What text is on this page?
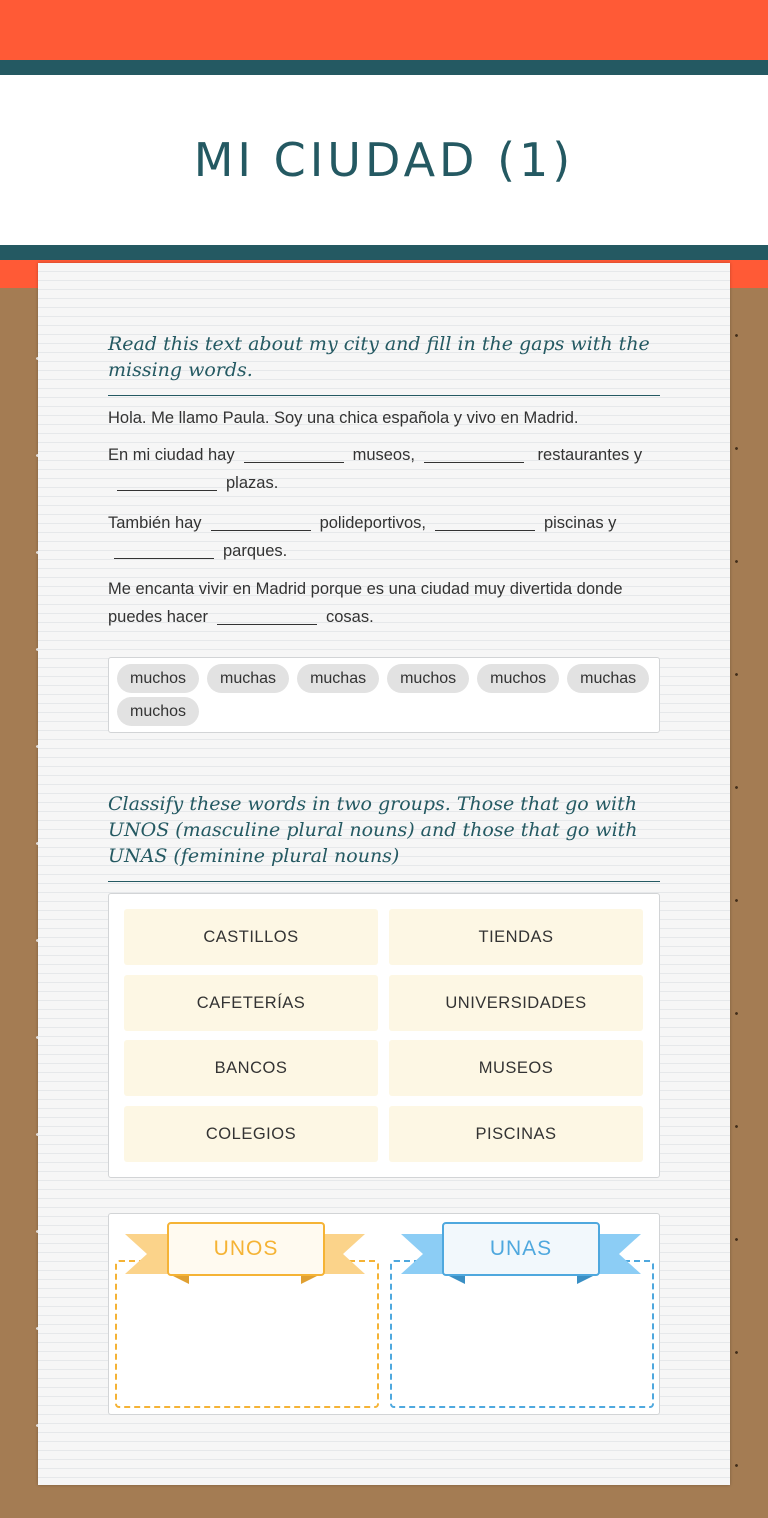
MI CIUDAD (1)
Read this text about my city and fill in the gaps with the missing words.
Hola. Me llamo Paula. Soy una chica española y vivo en Madrid.
En mi ciudad hay	museos,	restaurantes yplazas.
También hay	polideportivos,	piscinas y parques.
Me encanta vivir en Madrid porque es una ciudad muy divertida donde puedes hacer	cosas.
muchos	muchas	muchas	muchos	muchos	muchas
muchos
Classify these words in two groups. Those that go with UNOS (masculine plural nouns) and those that go with UNAS (feminine plural nouns)
CASTILLOS	TIENDAS
CAFETERÍAS	UNIVERSIDADES
BANCOS	MUSEOS
COLEGIOS	PISCINAS
UNOS	UNAS
